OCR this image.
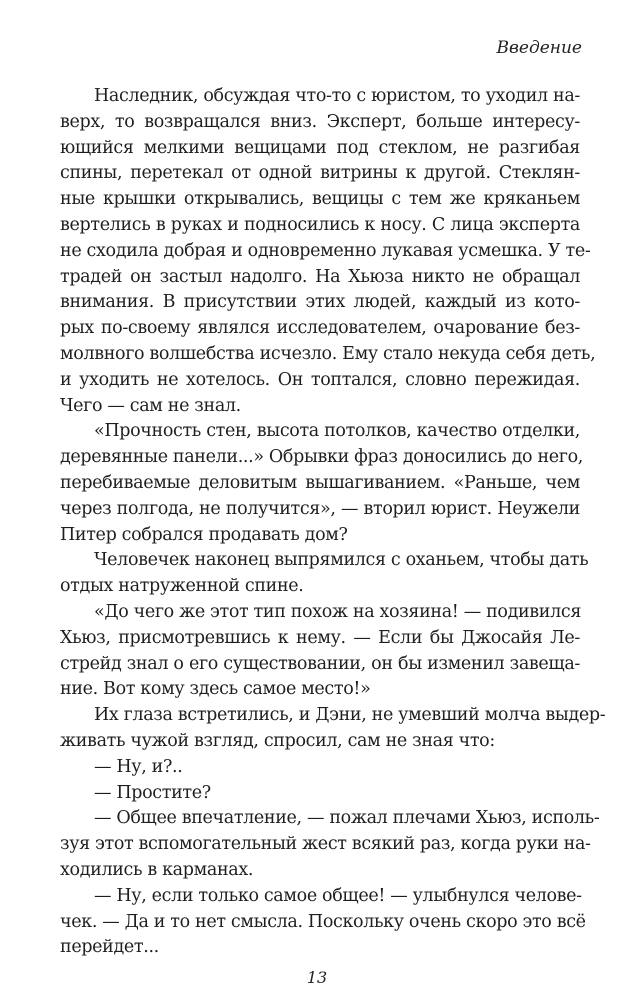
Введение
Наследник, обсуждая что-то с юристом, то уходил на-
верх, то возвращался вниз. Эксперт, больше интересу-
ющийся мелкими вещицами под стеклом, не разгибая
спины, перетекал от одной витрины к другой. Стеклян-
ные крышки открывались, вещицы с тем же кряканьем
вертелись в руках и подносились к носу. С лица эксперта
не сходила добрая и одновременно лукавая усмешка. У те-
традей он застыл надолго. На Хьюза никто не обращал
внимания. В присутствии этих людей, каждый из кото-
рых по-своему являлся исследователем, очарование без-
молвного волшебства исчезло. Ему стало некуда себя деть,
и уходить не хотелось. Он топтался, словно пережидая.
Чего — сам не знал.
«Прочность стен, высота потолков, качество отделки,
деревянные панели...» Обрывки фраз доносились до него,
перебиваемые деловитым вышагиванием. «Раньше, чем
через полгода, не получится», — вторил юрист. Неужели
Питер собрался продавать дом?
Человечек наконец выпрямился с оханьем, чтобы дать
отдых натруженной спине.
«До чего же этот тип похож на хозяина! — подивился
Хьюз, присмотревшись к нему. — Если бы Джосайя Ле-
стрейд знал о его существовании, он бы изменил завеща-
ние. Вот кому здесь самое место!»
Их глаза встретились, и Дэни, не умевший молча выдер-
живать чужой взгляд, спросил, сам не зная что:
— Ну, и?..
— Простите?
— Общее впечатление, — пожал плечами Хьюз, исполь-
зуя этот вспомогательный жест всякий раз, когда руки на-
ходились в карманах.
— Ну, если только самое общее! — улыбнулся челове-
чек. — Да и то нет смысла. Поскольку очень скоро это всё
перейдет...
13
